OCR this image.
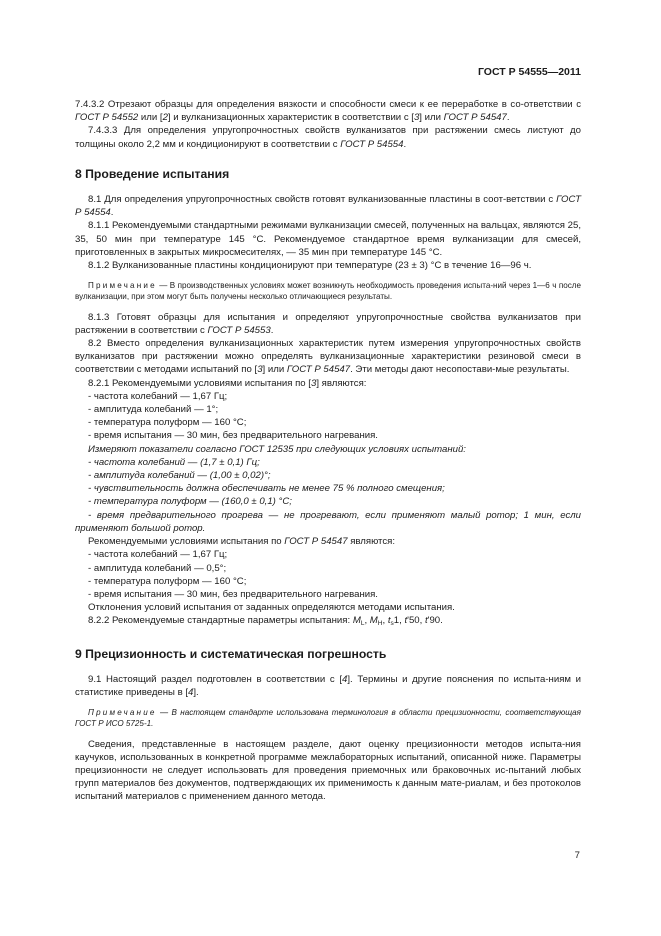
ГОСТ Р 54555—2011

7.4.3.2 Отрезают образцы для определения вязкости и способности смеси к ее переработке в со-ответствии с ГОСТ Р 54552 или [2] и вулканизационных характеристик в соответствии с [3] или ГОСТ Р 54547.

7.4.3.3 Для определения упругопрочностных свойств вулканизатов при растяжении смесь листуют до толщины около 2,2 мм и кондиционируют в соответствии с ГОСТ Р 54554.

8 Проведение испытания

8.1 Для определения упругопрочностных свойств готовят вулканизованные пластины в соот-ветствии с ГОСТ Р 54554.

8.1.1 Рекомендуемыми стандартными режимами вулканизации смесей, полученных на вальцах, являются 25, 35, 50 мин при температуре 145 °С. Рекомендуемое стандартное время вулканизации для смесей, приготовленных в закрытых микросмесителях, — 35 мин при температуре 145 °С.

8.1.2 Вулканизованные пластины кондиционируют при температуре (23 ± 3) °С в течение 16—96 ч.

Примечание — В производственных условиях может возникнуть необходимость проведения испыта-ний через 1—6 ч после вулканизации, при этом могут быть получены несколько отличающиеся результаты.

8.1.3 Готовят образцы для испытания и определяют упругопрочностные свойства вулканизатов при растяжении в соответствии с ГОСТ Р 54553.

8.2 Вместо определения вулканизационных характеристик путем измерения упругопрочностных свойств вулканизатов при растяжении можно определять вулканизационные характеристики резиновой смеси в соответствии с методами испытаний по [3] или ГОСТ Р 54547. Эти методы дают несопостави-мые результаты.

8.2.1 Рекомендуемыми условиями испытания по [3] являются:

- частота колебаний — 1,67 Гц;

- амплитуда колебаний — 1°;

- температура полуформ — 160 °С;

- время испытания — 30 мин, без предварительного нагревания.

Измеряют показатели согласно ГОСТ 12535 при следующих условиях испытаний:

- частота колебаний — (1,7 ± 0,1) Гц;

- амплитуда колебаний — (1,00 ± 0,02)°;

- чувствительность должна обеспечивать не менее 75 % полного смещения;

- температура полуформ — (160,0 ± 0,1) °С;

- время предварительного прогрева — не прогревают, если применяют малый ротор; 1 мин, если применяют большой ротор.

Рекомендуемыми условиями испытания по ГОСТ Р 54547 являются:

- частота колебаний — 1,67 Гц;

- амплитуда колебаний — 0,5°;

- температура полуформ — 160 °С;

- время испытания — 30 мин, без предварительного нагревания.

Отклонения условий испытания от заданных определяются методами испытания.

8.2.2 Рекомендуемые стандартные параметры испытания: $M_L$, $M_H$, $t_s1$, t'50, t'90.

9 Прецизионность и систематическая погрешность

9.1 Настоящий раздел подготовлен в соответствии с [4]. Термины и другие пояснения по испыта-ниям и статистике приведены в [4].

Примечание — В настоящем стандарте использована терминология в области прецизионности, соответствующая ГОСТ Р ИСО 5725-1.

Сведения, представленные в настоящем разделе, дают оценку прецизионности методов испыта-ния каучуков, использованных в конкретной программе межлабораторных испытаний, описанной ниже. Параметры прецизионности не следует использовать для проведения приемочных или браковочных ис-пытаний любых групп материалов без документов, подтверждающих их применимость к данным мате-риалам, и без протоколов испытаний материалов с применением данного метода.

7
